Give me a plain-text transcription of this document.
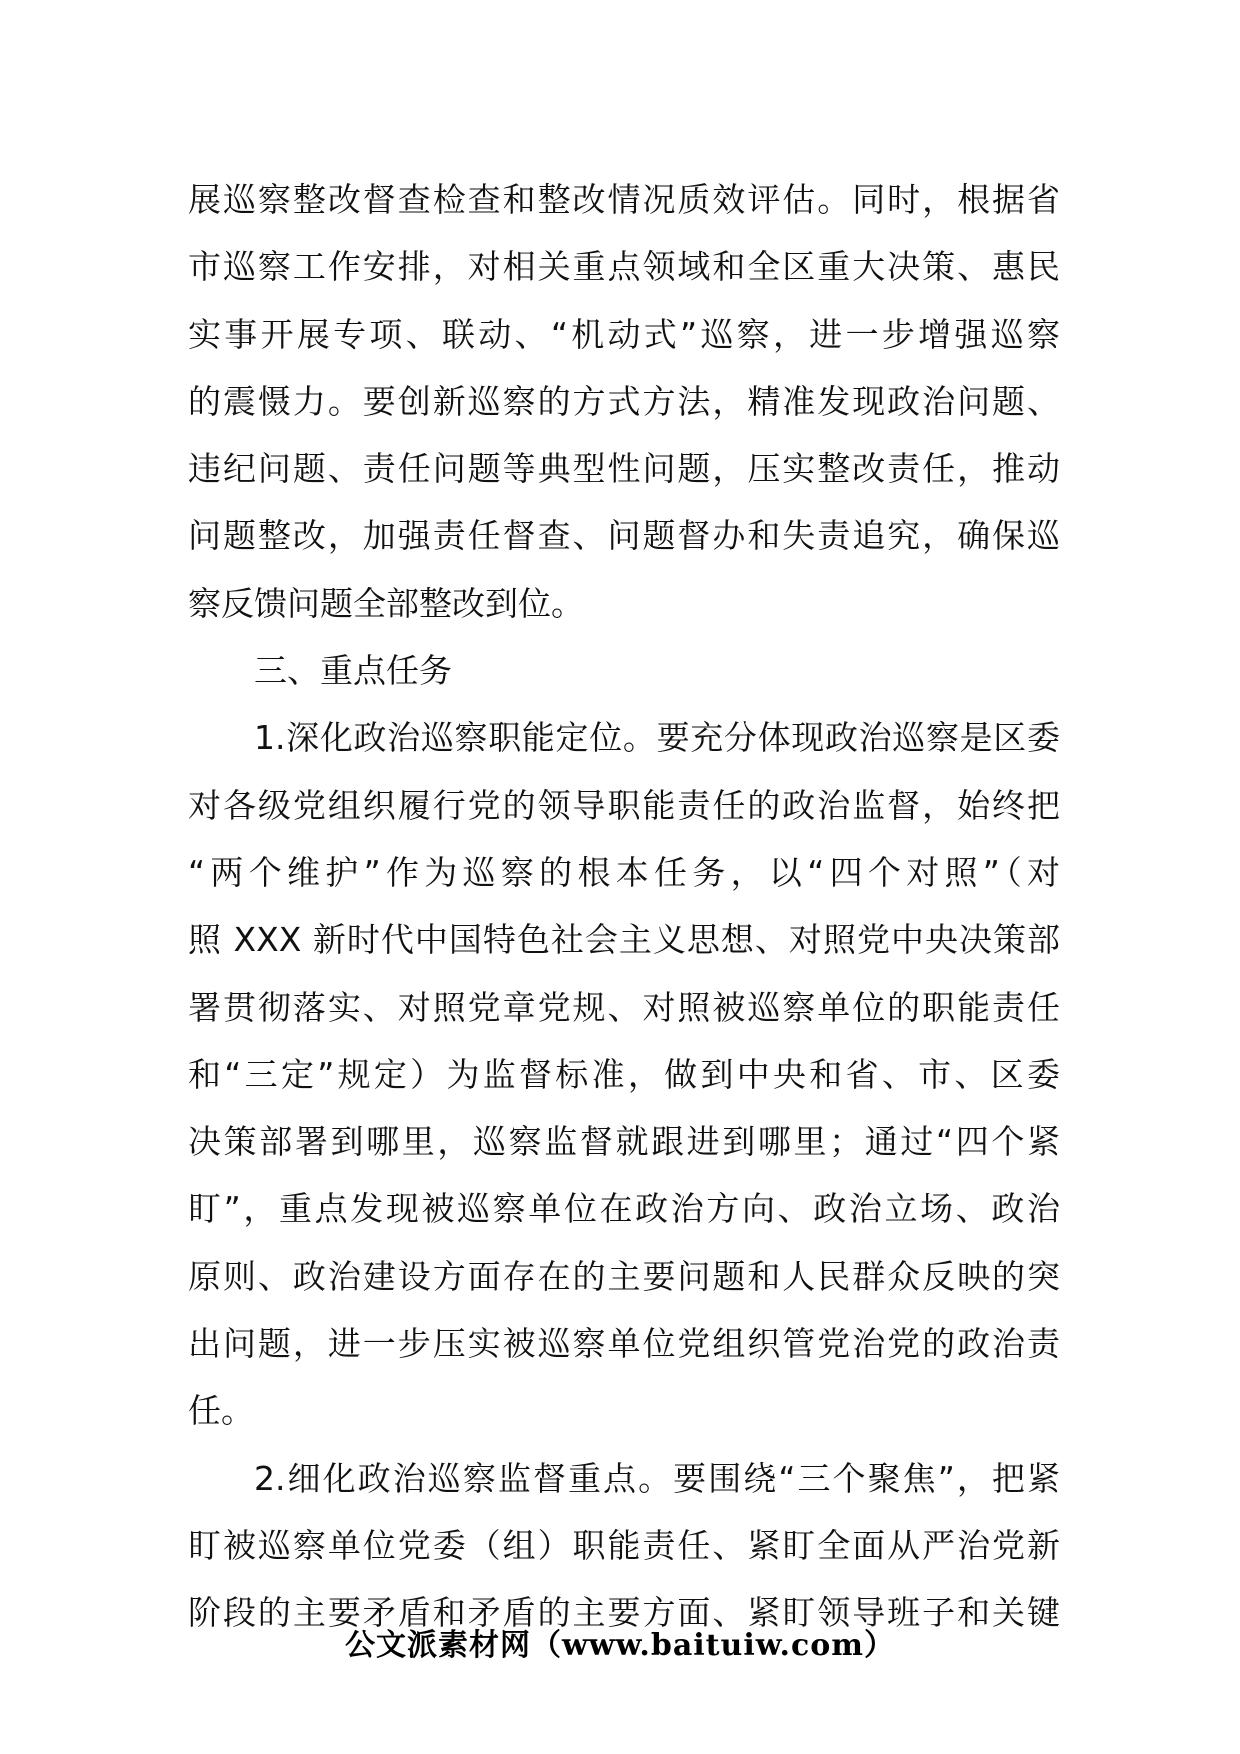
展巡察整改督查检查和整改情况质效评估。同时，根据省
市巡察工作安排，对相关重点领域和全区重大决策、惠民
实事开展专项、联动、“机动式”巡察，进一步增强巡察
的震慑力。要创新巡察的方式方法，精准发现政治问题、
违纪问题、责任问题等典型性问题，压实整改责任，推动
问题整改，加强责任督查、问题督办和失责追究，确保巡
察反馈问题全部整改到位。
三、重点任务
1.深化政治巡察职能定位。要充分体现政治巡察是区委
对各级党组织履行党的领导职能责任的政治监督，始终把
“两个维护”作为巡察的根本任务，以“四个对照”（对
照 XXX 新时代中国特色社会主义思想、对照党中央决策部
署贯彻落实、对照党章党规、对照被巡察单位的职能责任
和“三定”规定）为监督标准，做到中央和省、市、区委
决策部署到哪里，巡察监督就跟进到哪里；通过“四个紧
盯”，重点发现被巡察单位在政治方向、政治立场、政治
原则、政治建设方面存在的主要问题和人民群众反映的突
出问题，进一步压实被巡察单位党组织管党治党的政治责
任。
2.细化政治巡察监督重点。要围绕“三个聚焦”，把紧
盯被巡察单位党委（组）职能责任、紧盯全面从严治党新
阶段的主要矛盾和矛盾的主要方面、紧盯领导班子和关键
公文派素材网（www.baituiw.com）
